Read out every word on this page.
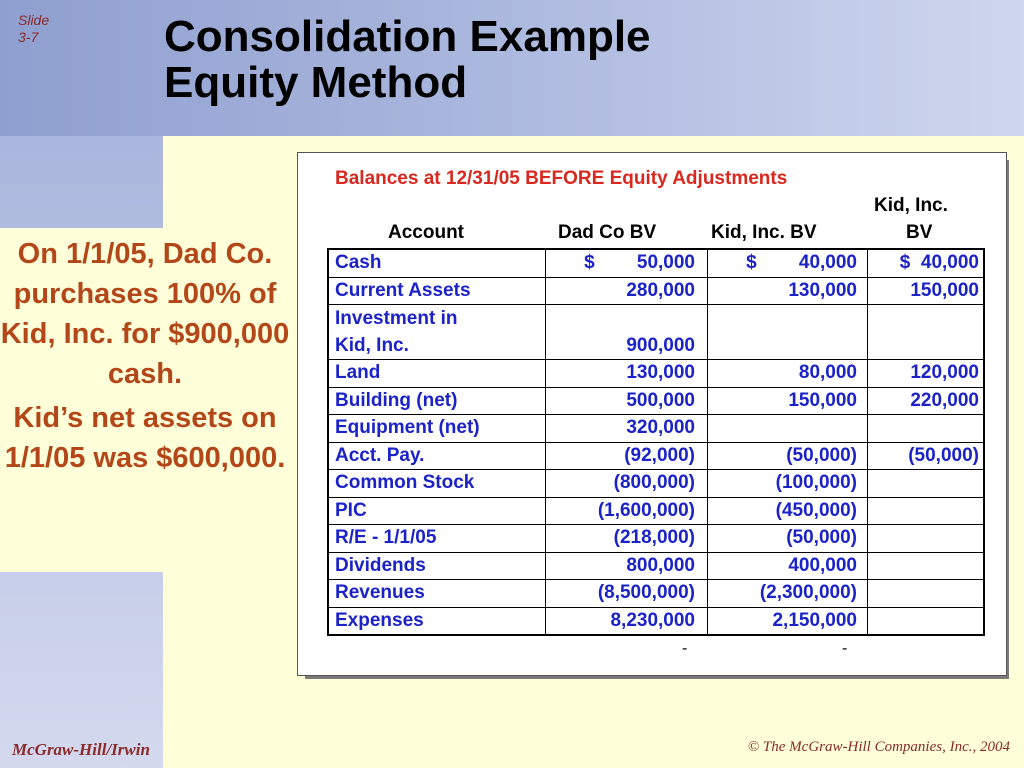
Slide
3-7	Consolidation Example
Equity Method

On 1/1/05, Dad Co. purchases 100% of Kid, Inc. for $900,000 cash.

Kid’s net assets on 1/1/05 was $600,000.

Balances at 12/31/05 BEFORE Equity Adjustments
Account	Dad Co BV	Kid, Inc. BV
Kid, Inc.
BV
Cash	$        50,000	$        40,000	$  40,000
Current Assets	280,000	130,000	150,000

Investment in
Kid, Inc.	900,000		
Land	130,000	80,000	120,000
Building (net)	500,000	150,000	220,000
Equipment (net)	320,000		
Acct. Pay.	(92,000)	(50,000)	(50,000)
Common Stock	(800,000)	(100,000)	
PIC	(1,600,000)	(450,000)	
R/E - 1/1/05	(218,000)	(50,000)	
Dividends	800,000	400,000	
Revenues	(8,500,000)	(2,300,000)	
Expenses	8,230,000	2,150,000	
-	-
McGraw-Hill/Irwin	© The McGraw-Hill Companies, Inc., 2004
